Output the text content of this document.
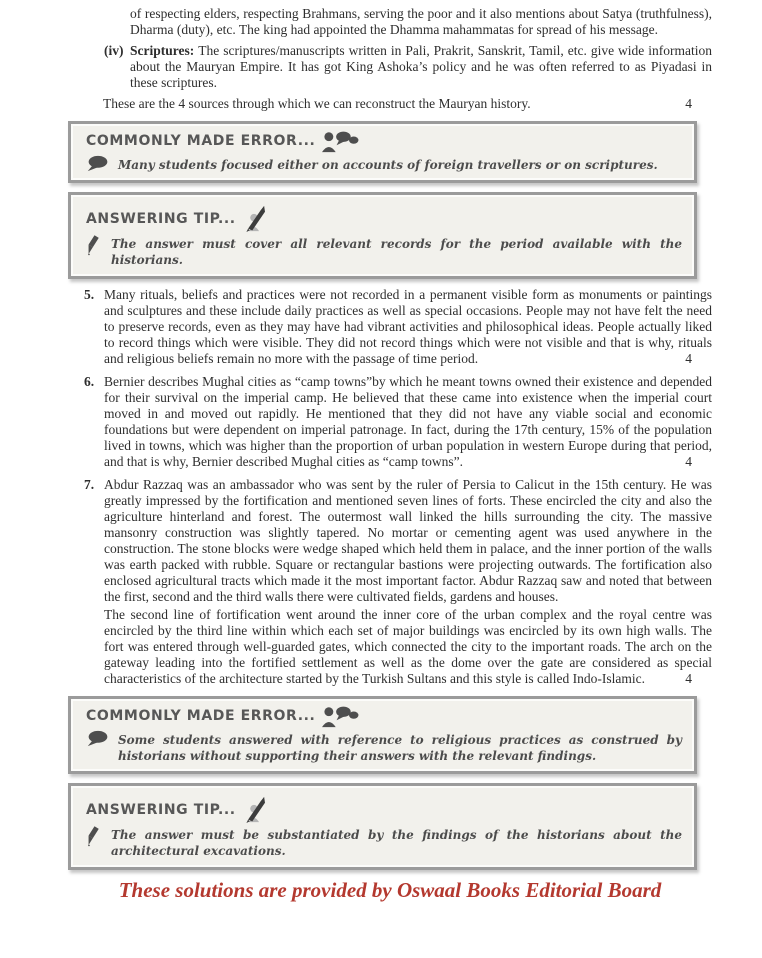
of respecting elders, respecting Brahmans, serving the poor and it also mentions about Satya (truthfulness), Dharma (duty), etc. The king had appointed the Dhamma mahammatas for spread of his message.

(iv) Scriptures: The scriptures/manuscripts written in Pali, Prakrit, Sanskrit, Tamil, etc. give wide information about the Mauryan Empire. It has got King Ashoka’s policy and he was often referred to as Piyadasi in these scriptures.

These are the 4 sources through which we can reconstruct the Mauryan history.	4
COMMONLY MADE ERROR...

Many students focused either on accounts of foreign travellers or on scriptures.

ANSWERING TIP...

The answer must cover all relevant records for the period available with the historians.

5. Many rituals, beliefs and practices were not recorded in a permanent visible form as monuments or paintings and sculptures and these include daily practices as well as special occasions. People may not have felt the need to preserve records, even as they may have had vibrant activities and philosophical ideas. People actually liked to record things which were visible. They did not record things which were not visible and that is why, rituals and religious beliefs remain no more with the passage of time period.	4
6. Bernier describes Mughal cities as “camp towns”by which he meant towns owned their existence and depended for their survival on the imperial camp. He believed that these came into existence when the imperial court moved in and moved out rapidly. He mentioned that they did not have any viable social and economic foundations but were dependent on imperial patronage. In fact, during the 17th century, 15% of the population lived in towns, which was higher than the proportion of urban population in western Europe during that period, and that is why, Bernier described Mughal cities as “camp towns”.	4
7. Abdur Razzaq was an ambassador who was sent by the ruler of Persia to Calicut in the 15th century. He was greatly impressed by the fortification and mentioned seven lines of forts. These encircled the city and also the agriculture hinterland and forest. The outermost wall linked the hills surrounding the city. The massive mansonry construction was slightly tapered. No mortar or cementing agent was used anywhere in the construction. The stone blocks were wedge shaped which held them in palace, and the inner portion of the walls was earth packed with rubble. Square or rectangular bastions were projecting outwards. The fortification also enclosed agricultural tracts which made it the most important factor. Abdur Razzaq saw and noted that between the first, second and the third walls there were cultivated fields, gardens and houses.

The second line of fortification went around the inner core of the urban complex and the royal centre was encircled by the third line within which each set of major buildings was encircled by its own high walls. The fort was entered through well-guarded gates, which connected the city to the important roads. The arch on the gateway leading into the fortified settlement as well as the dome over the gate are considered as special characteristics of the architecture started by the Turkish Sultans and this style is called Indo-Islamic.	4
COMMONLY MADE ERROR...

Some students answered with reference to religious practices as construed by historians without supporting their answers with the relevant findings.

ANSWERING TIP...

The answer must be substantiated by the findings of the historians about the architectural excavations.

These solutions are provided by Oswaal Books Editorial Board
